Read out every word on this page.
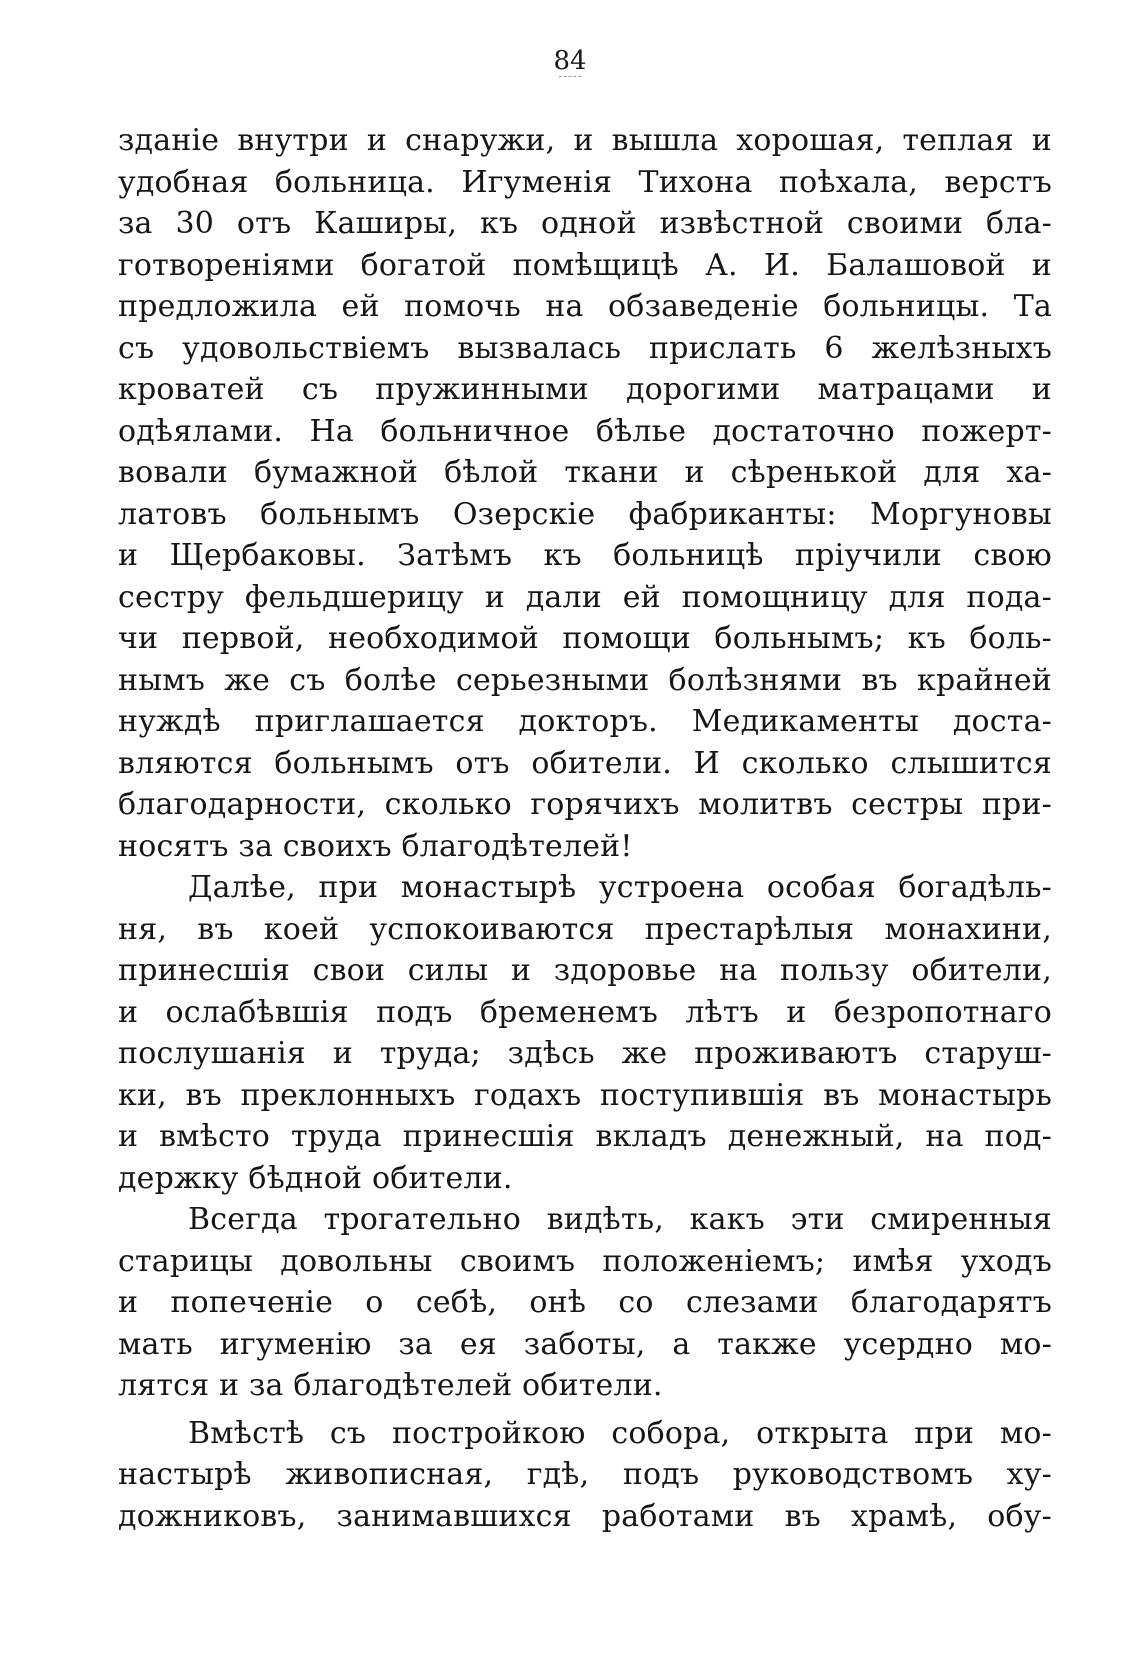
84
зданіе внутри и снаружи, и вышла хорошая, теплая и
удобная больница. Игуменія Тихона поѣхала, верстъ
за 30 отъ Каширы, къ одной извѣстной своими бла-
готвореніями богатой помѣщицѣ А. И. Балашовой и
предложила ей помочь на обзаведеніе больницы. Та
съ удовольствіемъ вызвалась прислать 6 желѣзныхъ
кроватей съ пружинными дорогими матрацами и
одѣялами. На больничное бѣлье достаточно пожерт-
вовали бумажной бѣлой ткани и сѣренькой для ха-
латовъ больнымъ Озерскіе фабриканты: Моргуновы
и Щербаковы. Затѣмъ къ больницѣ пріучили свою
сестру фельдшерицу и дали ей помощницу для пода-
чи первой, необходимой помощи больнымъ; къ боль-
нымъ же съ болѣе серьезными болѣзнями въ крайней
нуждѣ приглашается докторъ. Медикаменты доста-
вляются больнымъ отъ обители. И сколько слышится
благодарности, сколько горячихъ молитвъ сестры при-
носятъ за своихъ благодѣтелей!
Далѣе, при монастырѣ устроена особая богадѣль-
ня, въ коей успокоиваются престарѣлыя монахини,
принесшія свои силы и здоровье на пользу обители,
и ослабѣвшія подъ бременемъ лѣтъ и безропотнаго
послушанія и труда; здѣсь же проживаютъ старуш-
ки, въ преклонныхъ годахъ поступившія въ монастырь
и вмѣсто труда принесшія вкладъ денежный, на под-
держку бѣдной обители.
Всегда трогательно видѣть, какъ эти смиренныя
старицы довольны своимъ положеніемъ; имѣя уходъ
и попеченіе о себѣ, онѣ со слезами благодарятъ
мать игуменію за ея заботы, а также усердно мо-
лятся и за благодѣтелей обители.
Вмѣстѣ съ постройкою собора, открыта при мо-
настырѣ живописная, гдѣ, подъ руководствомъ ху-
дожниковъ, занимавшихся работами въ храмѣ, обу-
